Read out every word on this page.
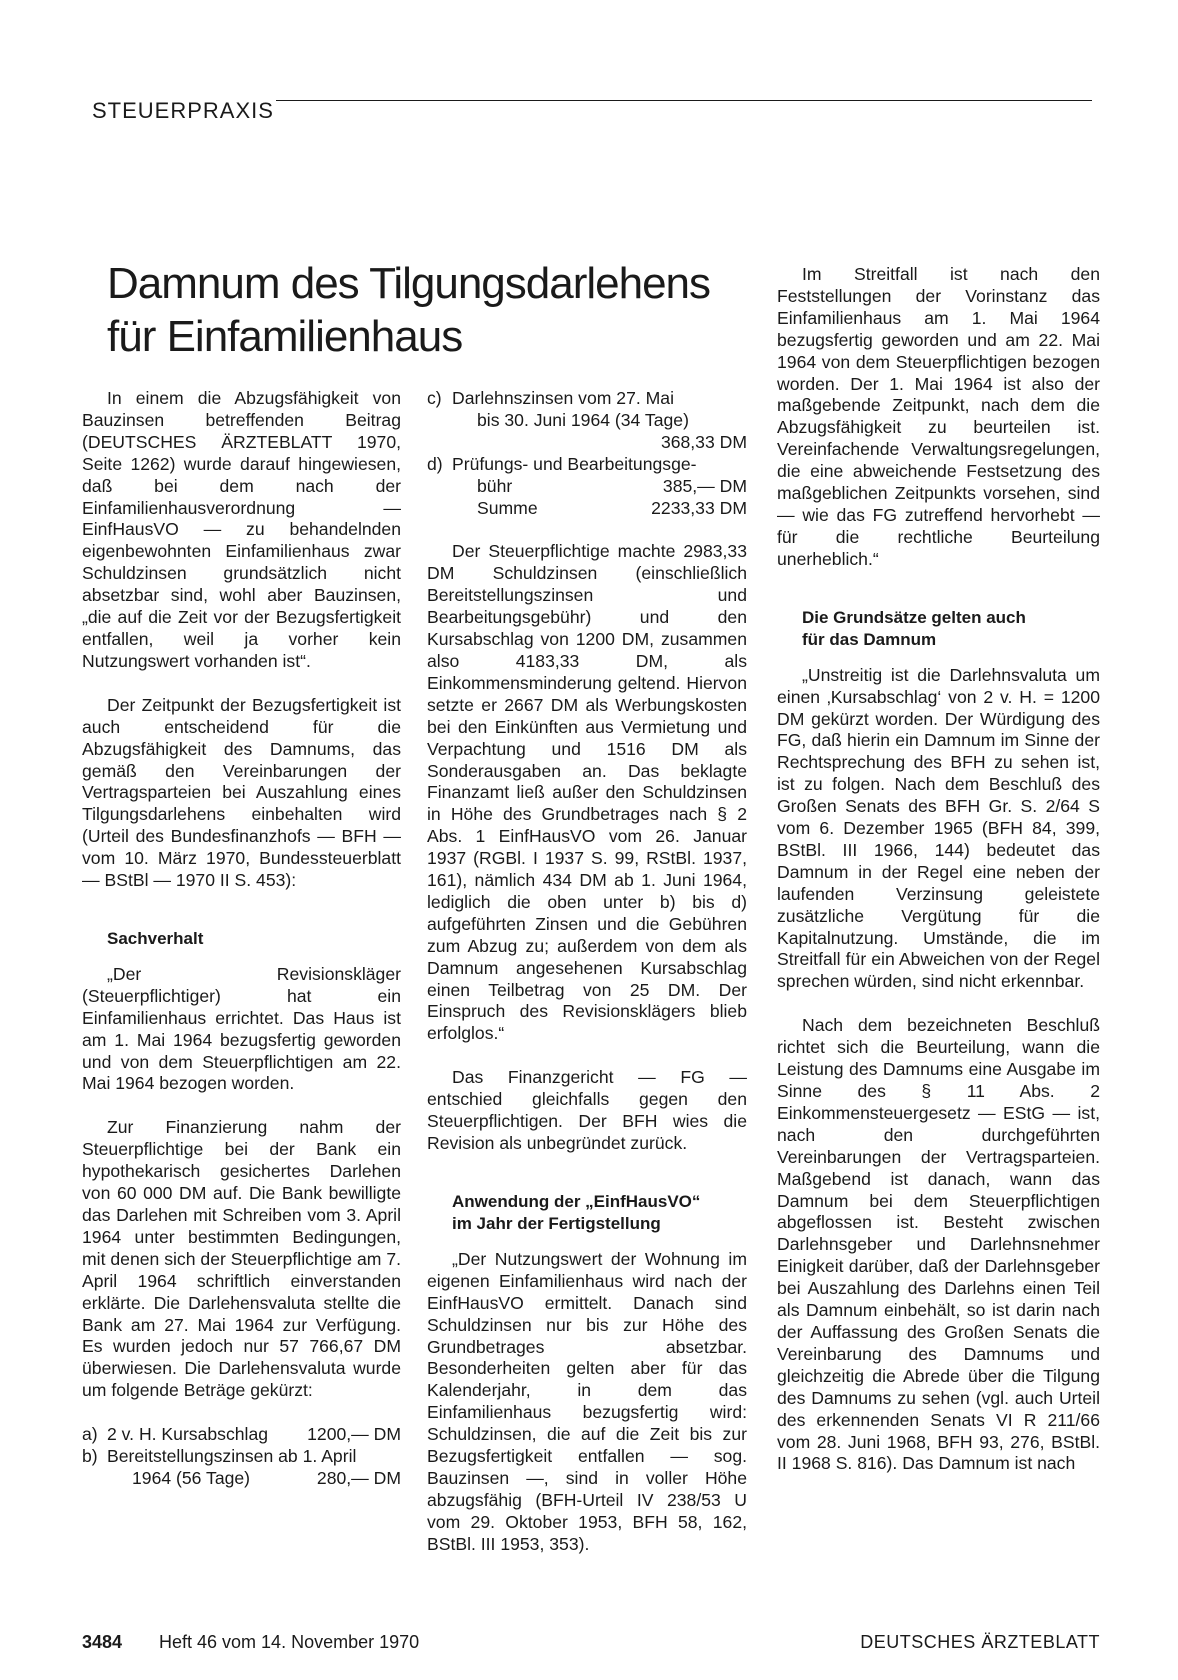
STEUERPRAXIS
Damnum des Tilgungsdarlehens
für Einfamilienhaus

In einem die Abzugsfähigkeit von Bauzinsen betreffenden Beitrag (DEUTSCHES ÄRZTEBLATT 1970, Seite 1262) wurde darauf hingewiesen, daß bei dem nach der Einfamilienhausverordnung — EinfHausVO — zu behandelnden eigenbewohnten Einfamilienhaus zwar Schuldzinsen grundsätzlich nicht absetzbar sind, wohl aber Bauzinsen, „die auf die Zeit vor der Bezugsfertigkeit entfallen, weil ja vorher kein Nutzungswert vorhanden ist“.

Der Zeitpunkt der Bezugsfertigkeit ist auch entscheidend für die Abzugsfähigkeit des Damnums, das gemäß den Vereinbarungen der Vertragsparteien bei Auszahlung eines Tilgungsdarlehens einbehalten wird (Urteil des Bundesfinanzhofs — BFH — vom 10. März 1970, Bundessteuerblatt — BStBl — 1970 II S. 453):

Sachverhalt

„Der Revisionskläger (Steuerpflichtiger) hat ein Einfamilienhaus errichtet. Das Haus ist am 1. Mai 1964 bezugsfertig geworden und von dem Steuerpflichtigen am 22. Mai 1964 bezogen worden.

Zur Finanzierung nahm der Steuerpflichtige bei der Bank ein hypothekarisch gesichertes Darlehen von 60 000 DM auf. Die Bank bewilligte das Darlehen mit Schreiben vom 3. April 1964 unter bestimmten Bedingungen, mit denen sich der Steuerpflichtige am 7. April 1964 schriftlich einverstanden erklärte. Die Darlehensvaluta stellte die Bank am 27. Mai 1964 zur Verfügung. Es wurden jedoch nur 57 766,67 DM überwiesen. Die Darlehensvaluta wurde um folgende Beträge gekürzt:

a) 2 v. H. Kursabschlag 1200,— DM
b) Bereitstellungszinsen ab 1. April
1964 (56 Tage)	280,— DM
c) Darlehnszinsen vom 27. Mai
bis 30. Juni 1964 (34 Tage)
368,33 DM
d) Prüfungs- und Bearbeitungsge-
bühr	385,— DM
Summe	2233,33 DM

Der Steuerpflichtige machte 2983,33 DM Schuldzinsen (einschließlich Bereitstellungszinsen und Bearbeitungsgebühr) und den Kursabschlag von 1200 DM, zusammen also 4183,33 DM, als Einkommensminderung geltend. Hiervon setzte er 2667 DM als Werbungskosten bei den Einkünften aus Vermietung und Verpachtung und 1516 DM als Sonderausgaben an. Das beklagte Finanzamt ließ außer den Schuldzinsen in Höhe des Grundbetrages nach § 2 Abs. 1 EinfHausVO vom 26. Januar 1937 (RGBl. I 1937 S. 99, RStBl. 1937, 161), nämlich 434 DM ab 1. Juni 1964, lediglich die oben unter b) bis d) aufgeführten Zinsen und die Gebühren zum Abzug zu; außerdem von dem als Damnum angesehenen Kursabschlag einen Teilbetrag von 25 DM. Der Einspruch des Revisionsklägers blieb erfolglos.“

Das Finanzgericht — FG — entschied gleichfalls gegen den Steuerpflichtigen. Der BFH wies die Revision als unbegründet zurück.

Anwendung der „EinfHausVO“
im Jahr der Fertigstellung

„Der Nutzungswert der Wohnung im eigenen Einfamilienhaus wird nach der EinfHausVO ermittelt. Danach sind Schuldzinsen nur bis zur Höhe des Grundbetrages absetzbar. Besonderheiten gelten aber für das Kalenderjahr, in dem das Einfamilienhaus bezugsfertig wird: Schuldzinsen, die auf die Zeit bis zur Bezugsfertigkeit entfallen — sog. Bauzinsen —, sind in voller Höhe abzugsfähig (BFH-Urteil IV 238/53 U vom 29. Oktober 1953, BFH 58, 162, BStBl. III 1953, 353).

Im Streitfall ist nach den Feststellungen der Vorinstanz das Einfamilienhaus am 1. Mai 1964 bezugsfertig geworden und am 22. Mai 1964 von dem Steuerpflichtigen bezogen worden. Der 1. Mai 1964 ist also der maßgebende Zeitpunkt, nach dem die Abzugsfähigkeit zu beurteilen ist. Vereinfachende Verwaltungsregelungen, die eine abweichende Festsetzung des maßgeblichen Zeitpunkts vorsehen, sind — wie das FG zutreffend hervorhebt — für die rechtliche Beurteilung unerheblich.“

Die Grundsätze gelten auch
für das Damnum

„Unstreitig ist die Darlehnsvaluta um einen ‚Kursabschlag‘ von 2 v. H. = 1200 DM gekürzt worden. Der Würdigung des FG, daß hierin ein Damnum im Sinne der Rechtsprechung des BFH zu sehen ist, ist zu folgen. Nach dem Beschluß des Großen Senats des BFH Gr. S. 2/64 S vom 6. Dezember 1965 (BFH 84, 399, BStBl. III 1966, 144) bedeutet das Damnum in der Regel eine neben der laufenden Verzinsung geleistete zusätzliche Vergütung für die Kapitalnutzung. Umstände, die im Streitfall für ein Abweichen von der Regel sprechen würden, sind nicht erkennbar.

Nach dem bezeichneten Beschluß richtet sich die Beurteilung, wann die Leistung des Damnums eine Ausgabe im Sinne des § 11 Abs. 2 Einkommensteuergesetz — EStG — ist, nach den durchgeführten Vereinbarungen der Vertragsparteien. Maßgebend ist danach, wann das Damnum bei dem Steuerpflichtigen abgeflossen ist. Besteht zwischen Darlehnsgeber und Darlehnsnehmer Einigkeit darüber, daß der Darlehnsgeber bei Auszahlung des Darlehns einen Teil als Damnum einbehält, so ist darin nach der Auffassung des Großen Senats die Vereinbarung des Damnums und gleichzeitig die Abrede über die Tilgung des Damnums zu sehen (vgl. auch Urteil des erkennenden Senats VI R 211/66 vom 28. Juni 1968, BFH 93, 276, BStBl. II 1968 S. 816). Das Damnum ist nach

3484 Heft 46 vom 14. November 1970	DEUTSCHES ÄRZTEBLATT
